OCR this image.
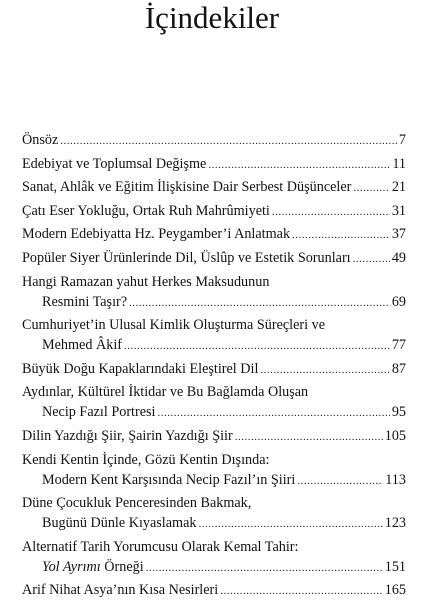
İçindekiler
Önsöz .....	7
Edebiyat ve Toplumsal Değişme .....	11
Sanat, Ahlâk ve Eğitim İlişkisine Dair Serbest Düşünceler .....	21
Çatı Eser Yokluğu, Ortak Ruh Mahrûmiyeti .....	31
Modern Edebiyatta Hz. Peygamber’i Anlatmak .....	37
Popüler Siyer Ürünlerinde Dil, Üslûp ve Estetik Sorunları .....	49
Hangi Ramazan yahut Herkes Maksudunun
Resmini Taşır? .....	69
Cumhuriyet’in Ulusal Kimlik Oluşturma Süreçleri ve
Mehmed Âkif .....	77
Büyük Doğu Kapaklarındaki Eleştirel Dil .....	87
Aydınlar, Kültürel İktidar ve Bu Bağlamda Oluşan
Necip Fazıl Portresi .....	95
Dilin Yazdığı Şiir, Şairin Yazdığı Şiir .....	105
Kendi Kentin İçinde, Gözü Kentin Dışında:
Modern Kent Karşısında Necip Fazıl’ın Şiiri .....	113
Düne Çocukluk Penceresinden Bakmak,
Bugünü Dünle Kıyaslamak .....	123
Alternatif Tarih Yorumcusu Olarak Kemal Tahir:
Yol Ayrımı Örneği .....	151
Arif Nihat Asya’nın Kısa Nesirleri .....	165
